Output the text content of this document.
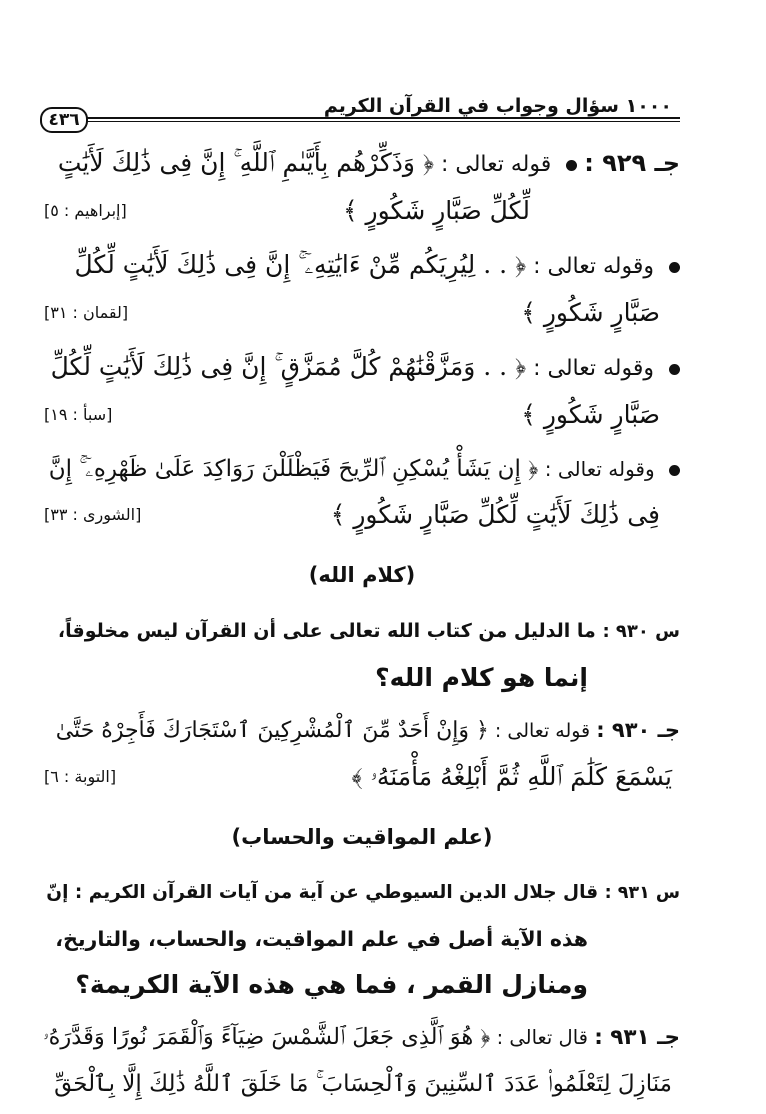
١٠٠٠ سؤال وجواب في القرآن الكريم
٤٣٦
جـ ٩٢٩ :  قوله تعالى : ﴿ وَذَكِّرْهُم بِأَيَّىٰمِ ٱللَّهِ ۚ إِنَّ فِى ذَٰلِكَ لَأَيَٰتٍ
لِّكُلِّ صَبَّارٍ شَكُورٍ ﴾
[إبراهيم : ٥]
وقوله تعالى : ﴿ . . لِيُرِيَكُم مِّنْ ءَايَٰتِهِۦٓ ۚ إِنَّ فِى ذَٰلِكَ لَأَيَٰتٍ لِّكُلِّ
صَبَّارٍ شَكُورٍ ﴾
[لقمان : ٣١]
وقوله تعالى : ﴿ . . وَمَزَّقْنَٰهُمْ كُلَّ مُمَزَّقٍ ۚ إِنَّ فِى ذَٰلِكَ لَأَيَٰتٍ لِّكُلِّ
صَبَّارٍ شَكُورٍ ﴾
[سبأ : ١٩]
وقوله تعالى : ﴿ إِن يَشَأْ يُسْكِنِ ٱلرِّيحَ فَيَظْلَلْنَ رَوَاكِدَ عَلَىٰ ظَهْرِهِۦٓ ۚ إِنَّ
فِى ذَٰلِكَ لَأَيَٰتٍ لِّكُلِّ صَبَّارٍ شَكُورٍ ﴾
[الشورى : ٣٣]
(كلام الله)
س ٩٣٠ : ما الدليل من كتاب الله تعالى على أن القرآن ليس مخلوقاً،
إنما هو كلام الله؟
جـ ٩٣٠ : قوله تعالى : ﴿ وَإِنْ أَحَدٌ مِّنَ ٱلْمُشْرِكِينَ ٱسْتَجَارَكَ فَأَجِرْهُ حَتَّىٰ
يَسْمَعَ كَلَٰمَ ٱللَّهِ ثُمَّ أَبْلِغْهُ مَأْمَنَهُۥ ﴾
[التوبة : ٦]
(علم المواقيت والحساب)
س ٩٣١ : قال جلال الدين السيوطي عن آية من آيات القرآن الكريم : إنّ
هذه الآية أصل في علم المواقيت، والحساب، والتاريخ،
ومنازل القمر ، فما هي هذه الآية الكريمة؟
جـ ٩٣١ : قال تعالى : ﴿ هُوَ ٱلَّذِى جَعَلَ ٱلشَّمْسَ ضِيَآءً وَٱلْقَمَرَ نُورًا وَقَدَّرَهُۥ
مَنَازِلَ لِتَعْلَمُوا۟ عَدَدَ ٱلسِّنِينَ وَٱلْحِسَابَ ۚ مَا خَلَقَ ٱللَّهُ ذَٰلِكَ إِلَّا بِٱلْحَقِّ
